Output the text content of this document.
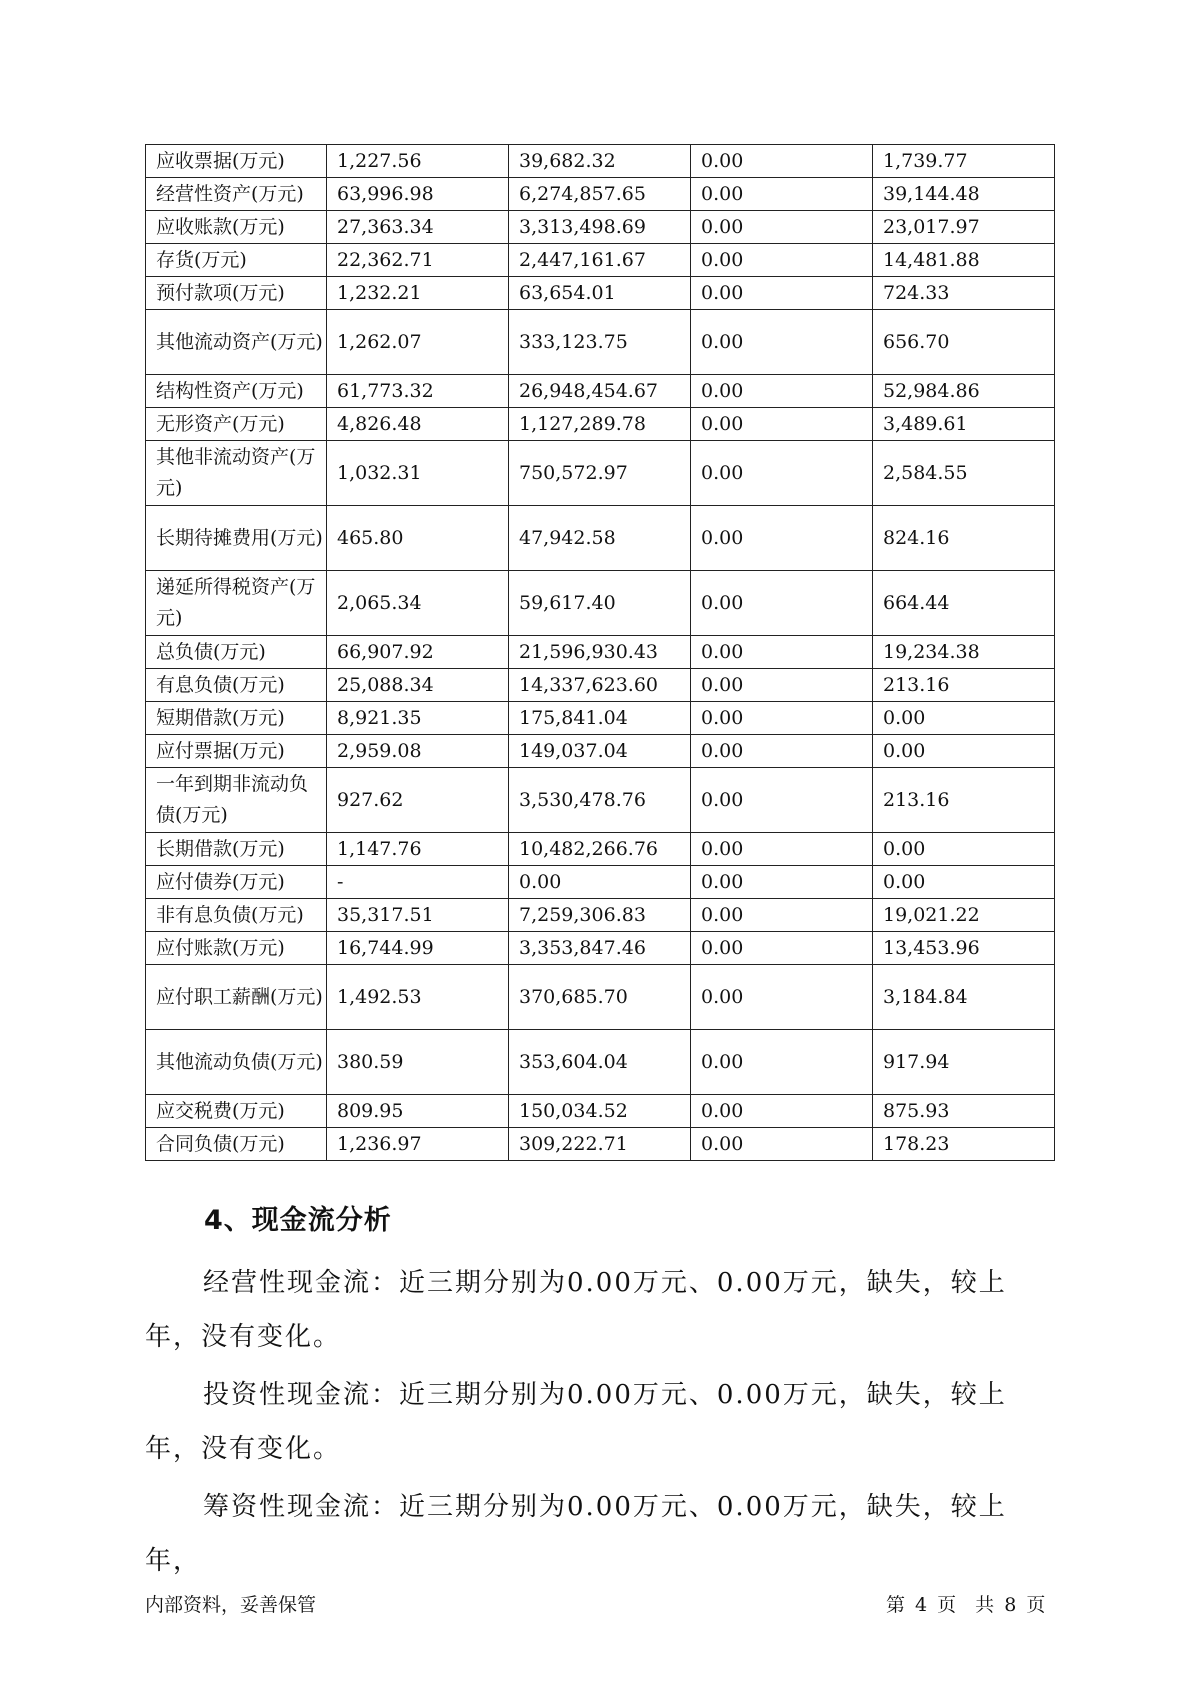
应收票据(万元)	1,227.56	39,682.32	0.00	1,739.77

经营性资产(万元)	63,996.98	6,274,857.65	0.00	39,144.48

应收账款(万元)	27,363.34	3,313,498.69	0.00	23,017.97

存货(万元)	22,362.71	2,447,161.67	0.00	14,481.88

预付款项(万元)	1,232.21	63,654.01	0.00	724.33

其他流动资产(万元)	1,262.07	333,123.75	0.00	656.70

结构性资产(万元)	61,773.32	26,948,454.67	0.00	52,984.86

无形资产(万元)	4,826.48	1,127,289.78	0.00	3,489.61

其他非流动资产(万元)	1,032.31	750,572.97	0.00	2,584.55

长期待摊费用(万元)	465.80	47,942.58	0.00	824.16

递延所得税资产(万元)	2,065.34	59,617.40	0.00	664.44

总负债(万元)	66,907.92	21,596,930.43	0.00	19,234.38

有息负债(万元)	25,088.34	14,337,623.60	0.00	213.16

短期借款(万元)	8,921.35	175,841.04	0.00	0.00

应付票据(万元)	2,959.08	149,037.04	0.00	0.00

一年到期非流动负债(万元)	927.62	3,530,478.76	0.00	213.16

长期借款(万元)	1,147.76	10,482,266.76	0.00	0.00

应付债券(万元)	-	0.00	0.00	0.00

非有息负债(万元)	35,317.51	7,259,306.83	0.00	19,021.22

应付账款(万元)	16,744.99	3,353,847.46	0.00	13,453.96

应付职工薪酬(万元)	1,492.53	370,685.70	0.00	3,184.84

其他流动负债(万元)	380.59	353,604.04	0.00	917.94

应交税费(万元)	809.95	150,034.52	0.00	875.93

合同负债(万元)	1,236.97	309,222.71	0.00	178.23
4、现金流分析
经营性现金流：近三期分别为0.00万元、0.00万元，缺失，较上年，没有变化。
投资性现金流：近三期分别为0.00万元、0.00万元，缺失，较上年，没有变化。
筹资性现金流：近三期分别为0.00万元、0.00万元，缺失，较上年，
内部资料，妥善保管	第 4 页　共 8 页
